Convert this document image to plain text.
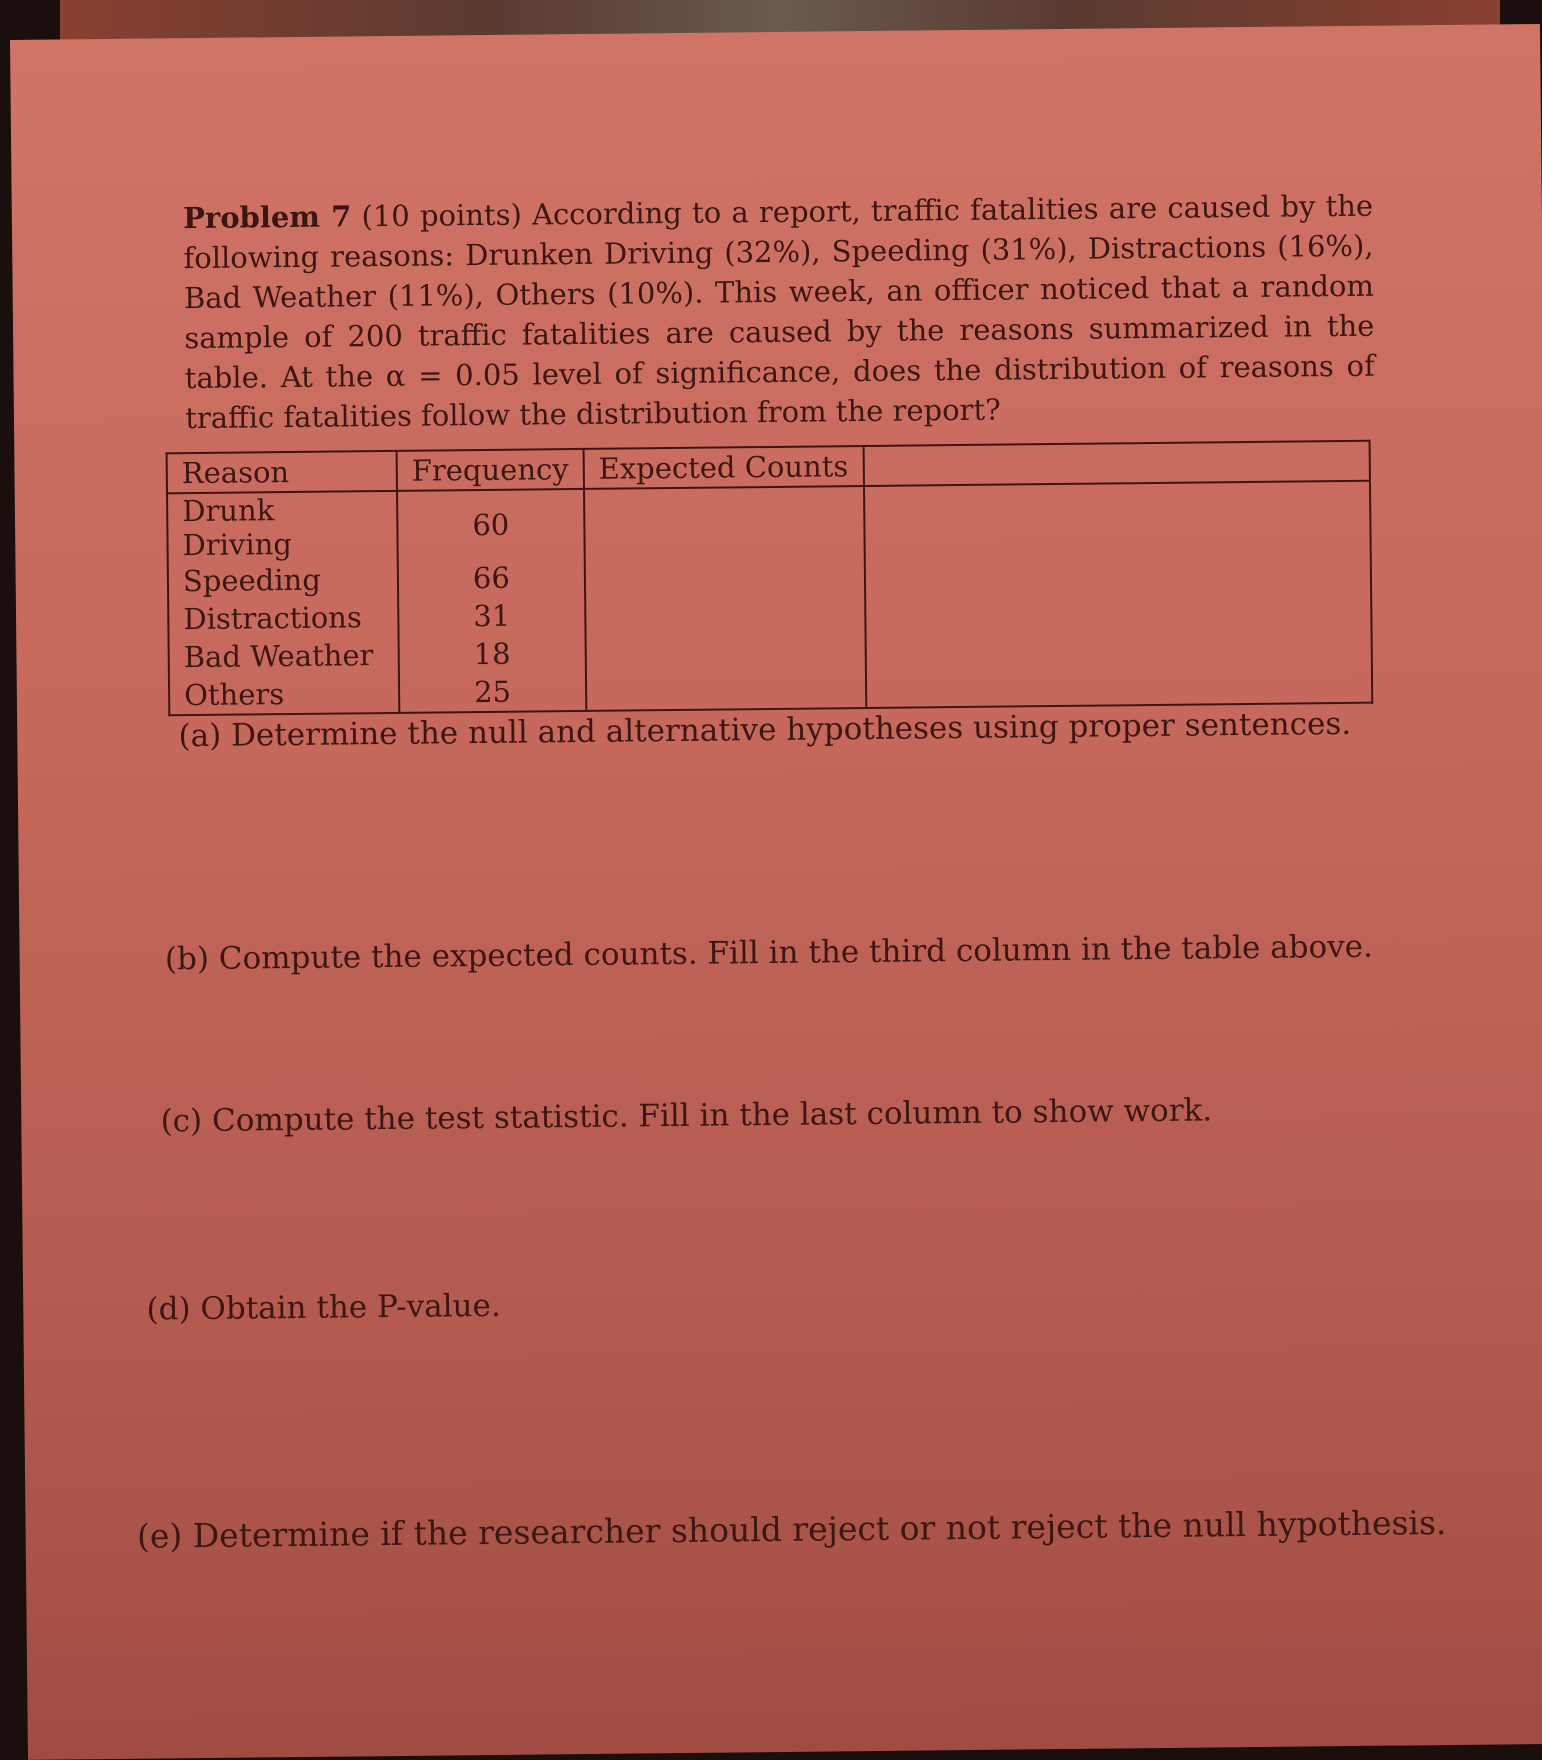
Problem 7 (10 points) According to a report, traffic fatalities are caused by the following reasons: Drunken Driving (32%), Speeding (31%), Distractions (16%), Bad Weather (11%), Others (10%). This week, an officer noticed that a random sample of 200 traffic fatalities are caused by the reasons summarized in the table. At the α = 0.05 level of significance, does the distribution of reasons of traffic fatalities follow the distribution from the report?
Reason	Frequency	Expected Counts	
Drunk Driving	60		
Speeding	66		
Distractions	31		
Bad Weather	18		
Others	25		
(a) Determine the null and alternative hypotheses using proper sentences.
(b) Compute the expected counts. Fill in the third column in the table above.
(c) Compute the test statistic. Fill in the last column to show work.
(d) Obtain the P-value.
(e) Determine if the researcher should reject or not reject the null hypothesis.
